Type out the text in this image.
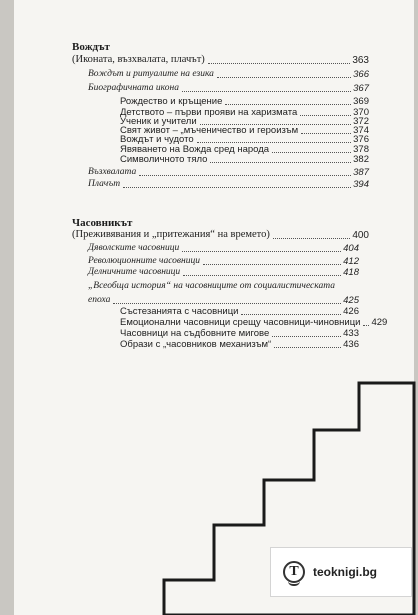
Вождът
(Иконата, възхвалата, плачът)	363
Вождът и ритуалите на езика	366
Биографичната икона	367
Рождество и кръщение	369
Детството – първи прояви на харизмата	370
Ученик и учители	372
Свят живот – „мъченичество и героизъм	374
Вождът и чудото	376
Явяването на Вожда сред народа	378
Символичното тяло	382
Възхвалата	387
Плачът	394
Часовникът
(Преживявания и „притежания“ на времето)	400
Дяволските часовници	404
Революционните часовници	412
Делничните часовници	418
„Всеобща история“ на часовниците от социалистическата
епоха	425
Състезанията с часовници	426
Емоционални часовници срещу часовници-чиновници 429
Часовници на съдбовните мигове	433
Образи с „часовников механизъм“	436
T teoknigi.bg
